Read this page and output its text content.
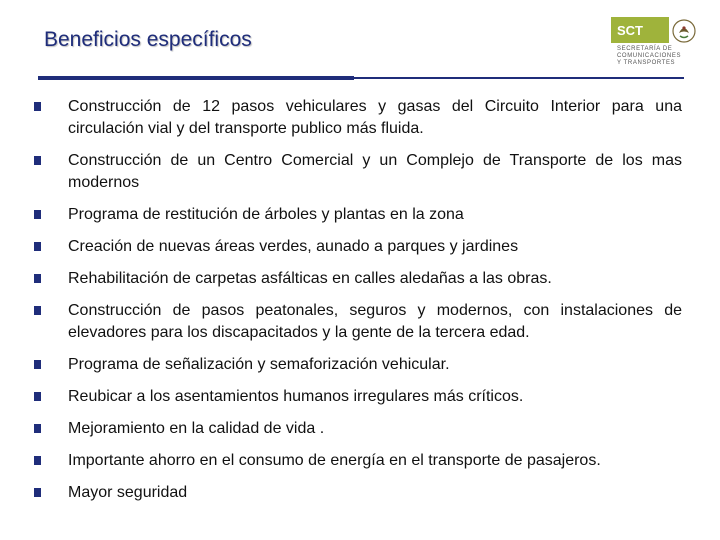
Beneficios específicos	SCT
SECRETARÍA DE
COMUNICACIONES
Y TRANSPORTES
Construcción de 12 pasos vehiculares y gasas del Circuito Interior para una circulación vial y del transporte publico más fluida.
Construcción de un Centro Comercial y un Complejo de Transporte de los mas modernos
Programa de restitución de árboles y plantas en la zona
Creación de nuevas áreas verdes, aunado a parques y jardines
Rehabilitación de carpetas asfálticas en calles aledañas a las obras.
Construcción de pasos peatonales, seguros y modernos, con instalaciones de elevadores para los discapacitados y la gente de la tercera edad.
Programa de señalización y semaforización vehicular.
Reubicar a los asentamientos humanos irregulares más críticos.
Mejoramiento en la calidad de vida .
Importante ahorro en el consumo de energía en el transporte de pasajeros.
Mayor seguridad
